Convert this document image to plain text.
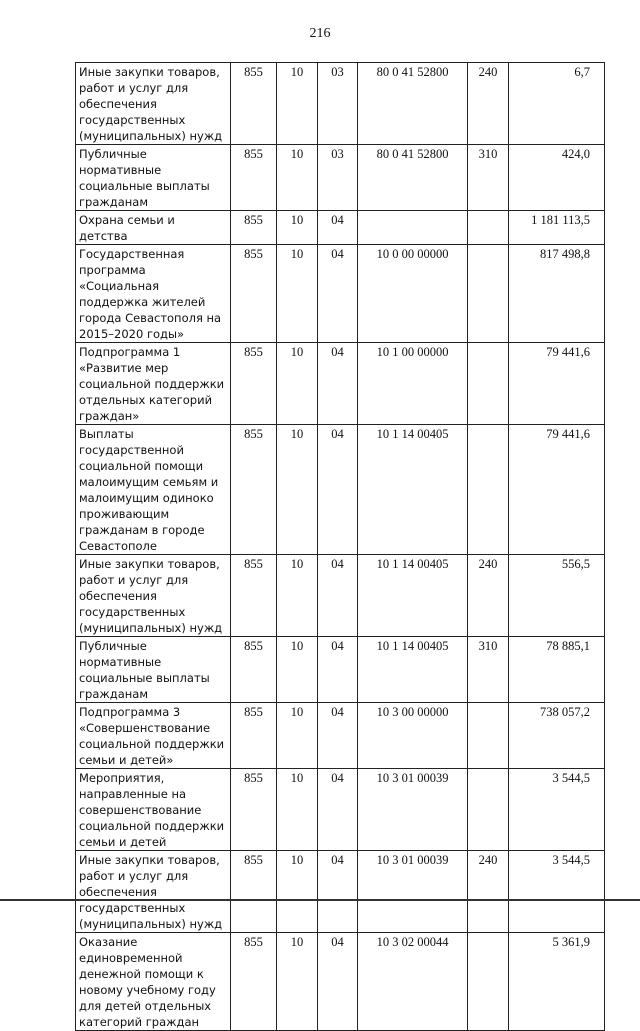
216
Иные закупки товаров, работ и услуг для обеспечения государственных (муниципальных) нужд	855	10	03	80 0 41 52800	240	6,7
Публичные нормативные социальные выплаты гражданам	855	10	03	80 0 41 52800	310	424,0
Охрана семьи и детства	855	10	04			1 181 113,5
Государственная программа «Социальная поддержка жителей города Севастополя на 2015–2020 годы»	855	10	04	10 0 00 00000		817 498,8
Подпрограмма 1 «Развитие мер социальной поддержки отдельных категорий граждан»	855	10	04	10 1 00 00000		79 441,6
Выплаты государственной социальной помощи малоимущим семьям и малоимущим одиноко проживающим гражданам в городе Севастополе	855	10	04	10 1 14 00405		79 441,6
Иные закупки товаров, работ и услуг для обеспечения государственных (муниципальных) нужд	855	10	04	10 1 14 00405	240	556,5
Публичные нормативные социальные выплаты гражданам	855	10	04	10 1 14 00405	310	78 885,1
Подпрограмма 3 «Совершенствование социальной поддержки семьи и детей»	855	10	04	10 3 00 00000		738 057,2
Мероприятия, направленные на совершенствование социальной поддержки семьи и детей	855	10	04	10 3 01 00039		3 544,5
Иные закупки товаров, работ и услуг для обеспечения государственных (муниципальных) нужд	855	10	04	10 3 01 00039	240	3 544,5
Оказание единовременной денежной помощи к новому учебному году для детей отдельных категорий граждан	855	10	04	10 3 02 00044		5 361,9
